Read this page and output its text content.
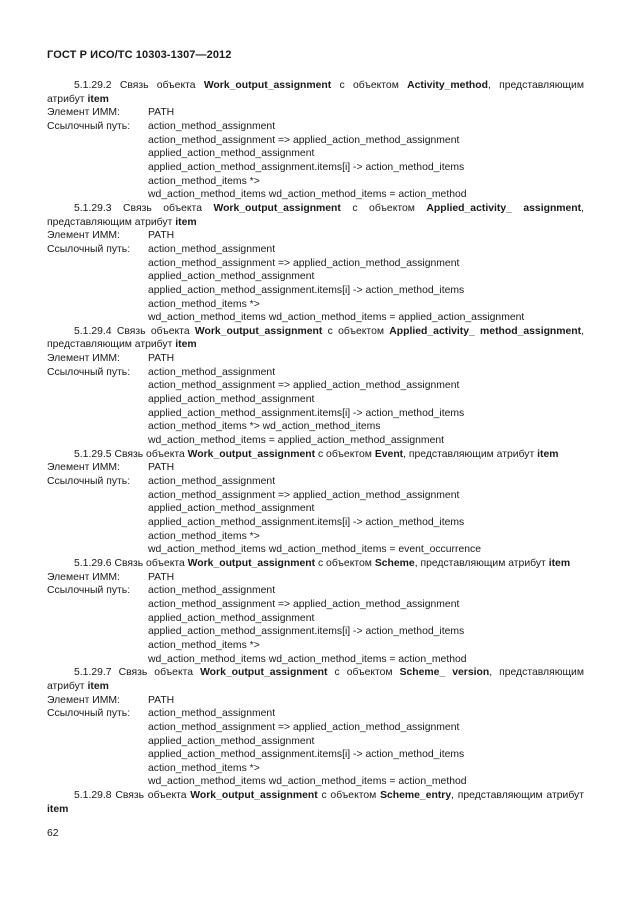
ГОСТ Р ИСО/ТС 10303-1307—2012
5.1.29.2 Связь объекта Work_output_assignment с объектом Activity_method, представляющим атрибут item
Элемент ИММ:	PATH
Ссылочный путь:	action_method_assignment
action_method_assignment => applied_action_method_assignment
applied_action_method_assignment
applied_action_method_assignment.items[i] -> action_method_items
action_method_items *>
wd_action_method_items wd_action_method_items = action_method
5.1.29.3 Связь объекта Work_output_assignment с объектом Applied_activity_ assignment, представляющим атрибут item
Элемент ИММ:	PATH
Ссылочный путь:	action_method_assignment
action_method_assignment => applied_action_method_assignment
applied_action_method_assignment
applied_action_method_assignment.items[i] -> action_method_items
action_method_items *>
wd_action_method_items wd_action_method_items = applied_action_assignment
5.1.29.4 Связь объекта Work_output_assignment с объектом Applied_activity_ method_assignment, представляющим атрибут item
Элемент ИММ:	PATH
Ссылочный путь:	action_method_assignment
action_method_assignment => applied_action_method_assignment
applied_action_method_assignment
applied_action_method_assignment.items[i] -> action_method_items
action_method_items *> wd_action_method_items
wd_action_method_items = applied_action_method_assignment
5.1.29.5 Связь объекта Work_output_assignment с объектом Event, представляющим атрибут item
Элемент ИММ:	PATH
Ссылочный путь:	action_method_assignment
action_method_assignment => applied_action_method_assignment
applied_action_method_assignment
applied_action_method_assignment.items[i] -> action_method_items
action_method_items *>
wd_action_method_items wd_action_method_items = event_occurrence
5.1.29.6 Связь объекта Work_output_assignment с объектом Scheme, представляющим атрибут item
Элемент ИММ:	PATH
Ссылочный путь:	action_method_assignment
action_method_assignment => applied_action_method_assignment
applied_action_method_assignment
applied_action_method_assignment.items[i] -> action_method_items
action_method_items *>
wd_action_method_items wd_action_method_items = action_method
5.1.29.7 Связь объекта Work_output_assignment с объектом Scheme_ version, представляющим атрибут item
Элемент ИММ:	PATH
Ссылочный путь:	action_method_assignment
action_method_assignment => applied_action_method_assignment
applied_action_method_assignment
applied_action_method_assignment.items[i] -> action_method_items
action_method_items *>
wd_action_method_items wd_action_method_items = action_method
5.1.29.8 Связь объекта Work_output_assignment с объектом Scheme_entry, представляющим атрибут item
62
